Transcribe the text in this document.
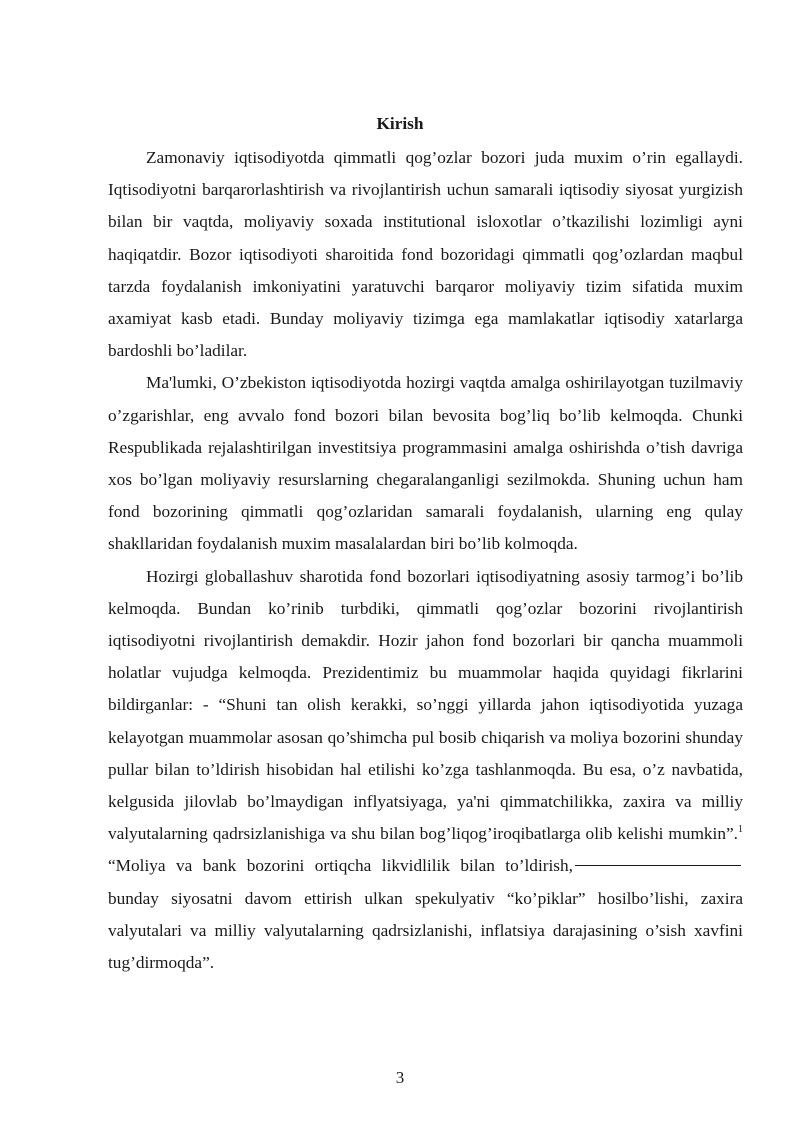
Kirish

Zamonaviy iqtisodiyotda qimmatli qog’ozlar bozori juda muxim o’rin egallaydi. Iqtisodiyotni barqarorlashtirish va rivojlantirish uchun samarali iqtisodiy siyosat yurgizish bilan bir vaqtda, moliyaviy soxada institutional isloxotlar o’tkazilishi lozimligi ayni haqiqatdir. Bozor iqtisodiyoti sharoitida fond bozoridagi qimmatli qog’ozlardan maqbul tarzda foydalanish imkoniyatini yaratuvchi barqaror moliyaviy tizim sifatida muxim axamiyat kasb etadi. Bunday moliyaviy tizimga ega mamlakatlar iqtisodiy xatarlarga bardoshli bo’ladilar.

Ma'lumki, O’zbekiston iqtisodiyotda hozirgi vaqtda amalga oshirilayotgan tuzilmaviy o’zgarishlar, eng avvalo fond bozori bilan bevosita bog’liq bo’lib kelmoqda. Chunki Respublikada rejalashtirilgan investitsiya programmasini amalga oshirishda o’tish davriga xos bo’lgan moliyaviy resurslarning chegaralanganligi sezilmokda. Shuning uchun ham fond bozorining qimmatli qog’ozlaridan samarali foydalanish, ularning eng qulay shakllaridan foydalanish muxim masalalardan biri bo’lib kolmoqda.

Hozirgi globallashuv sharotida fond bozorlari iqtisodiyatning asosiy tarmog’i bo’lib kelmoqda. Bundan ko’rinib turbdiki, qimmatli qog’ozlar bozorini rivojlantirish iqtisodiyotni rivojlantirish demakdir. Hozir jahon fond bozorlari bir qancha muammoli holatlar vujudga kelmoqda. Prezidentimiz bu muammolar haqida quyidagi fikrlarini bildirganlar: - “Shuni tan olish kerakki, so’nggi yillarda jahon iqtisodiyotida yuzaga kelayotgan muammolar asosan qo’shimcha pul bosib chiqarish va moliya bozorini shunday pullar bilan to’ldirish hisobidan hal etilishi ko’zga tashlanmoqda. Bu esa, o’z navbatida, kelgusida jilovlab bo’lmaydigan inflyatsiyaga, ya'ni qimmatchilikka, zaxira va milliy valyutalarning qadrsizlanishiga va shu bilan bog’liqog’iroqibatlarga olib kelishi mumkin”.$^1$ “Moliya va bank bozorini ortiqcha likvidlilik bilan to’ldirish, bunday siyosatni davom ettirish ulkan spekulyativ “ko’piklar” hosilbo’lishi, zaxira valyutalari va milliy valyutalarning qadrsizlanishi, inflatsiya darajasining o’sish xavfini tug’dirmoqda”.

3
